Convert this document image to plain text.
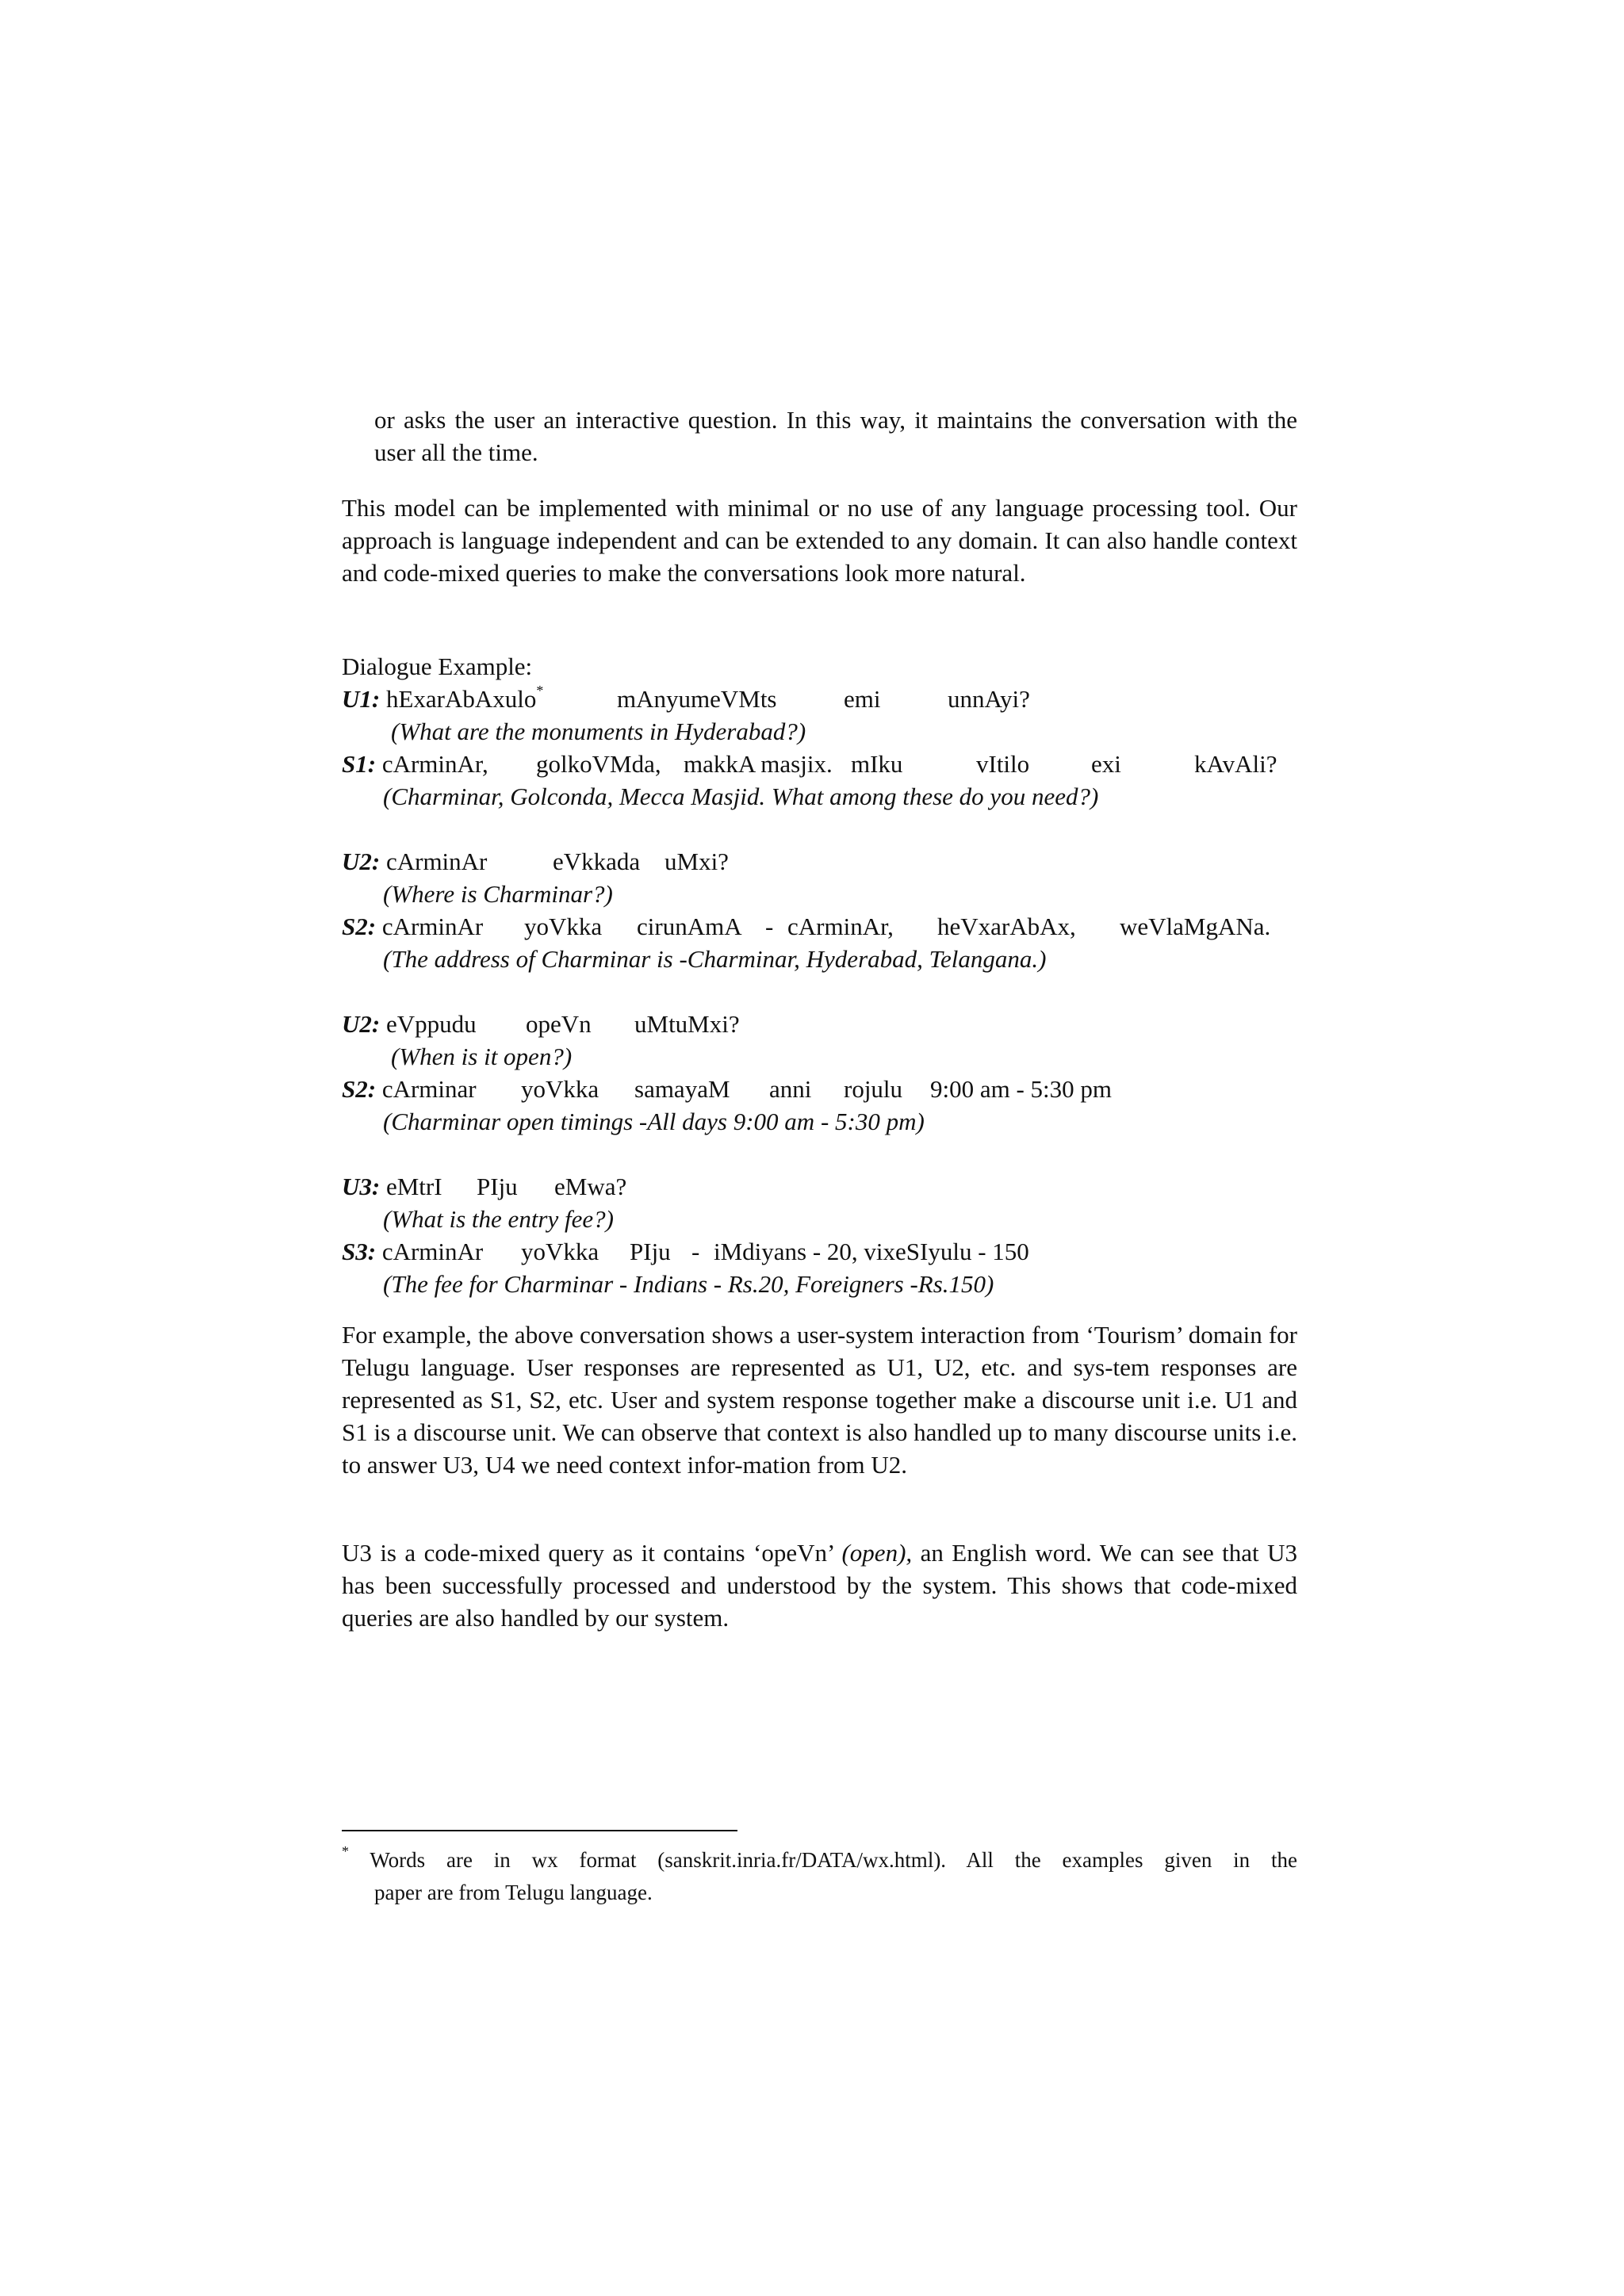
or asks the user an interactive question. In this way, it maintains the conversation with the user all the time.
This model can be implemented with minimal or no use of any language processing tool. Our approach is language independent and can be extended to any domain. It can also handle context and code-mixed queries to make the conversations look more natural.
Dialogue Example:
U1: hExarAbAxulo*	mAnyumeVMts	emi	unnAyi?
(What are the monuments in Hyderabad?)
S1: cArminAr, golkoVMda, makkA masjix. mIku	vItilo	exi	kAvAli?
(Charminar, Golconda, Mecca Masjid. What among these do you need?)
U2: cArminAr	eVkkada uMxi?
(Where is Charminar?)
S2: cArminAr yoVkka cirunAmA - cArminAr, heVxarAbAx, weVlaMgANa.
(The address of Charminar is -Charminar, Hyderabad, Telangana.)
U2: eVppudu opeVn uMtuMxi?
(When is it open?)
S2: cArminar yoVkka samayaM anni rojulu 9:00 am - 5:30 pm
(Charminar open timings -All days 9:00 am - 5:30 pm)
U3: eMtrI PIju eMwa?
(What is the entry fee?)
S3: cArminAr yoVkka PIju - iMdiyans - 20, vixeSIyulu - 150
(The fee for Charminar - Indians - Rs.20, Foreigners -Rs.150)
For example, the above conversation shows a user-system interaction from ‘Tourism’ domain for Telugu language. User responses are represented as U1, U2, etc. and sys-tem responses are represented as S1, S2, etc. User and system response together make a discourse unit i.e. U1 and S1 is a discourse unit. We can observe that context is also handled up to many discourse units i.e. to answer U3, U4 we need context infor-mation from U2.
U3 is a code-mixed query as it contains ‘opeVn’ (open), an English word. We can see that U3 has been successfully processed and understood by the system. This shows that code-mixed queries are also handled by our system.
* Words are in wx format (sanskrit.inria.fr/DATA/wx.html). All the examples given in the
paper are from Telugu language.
